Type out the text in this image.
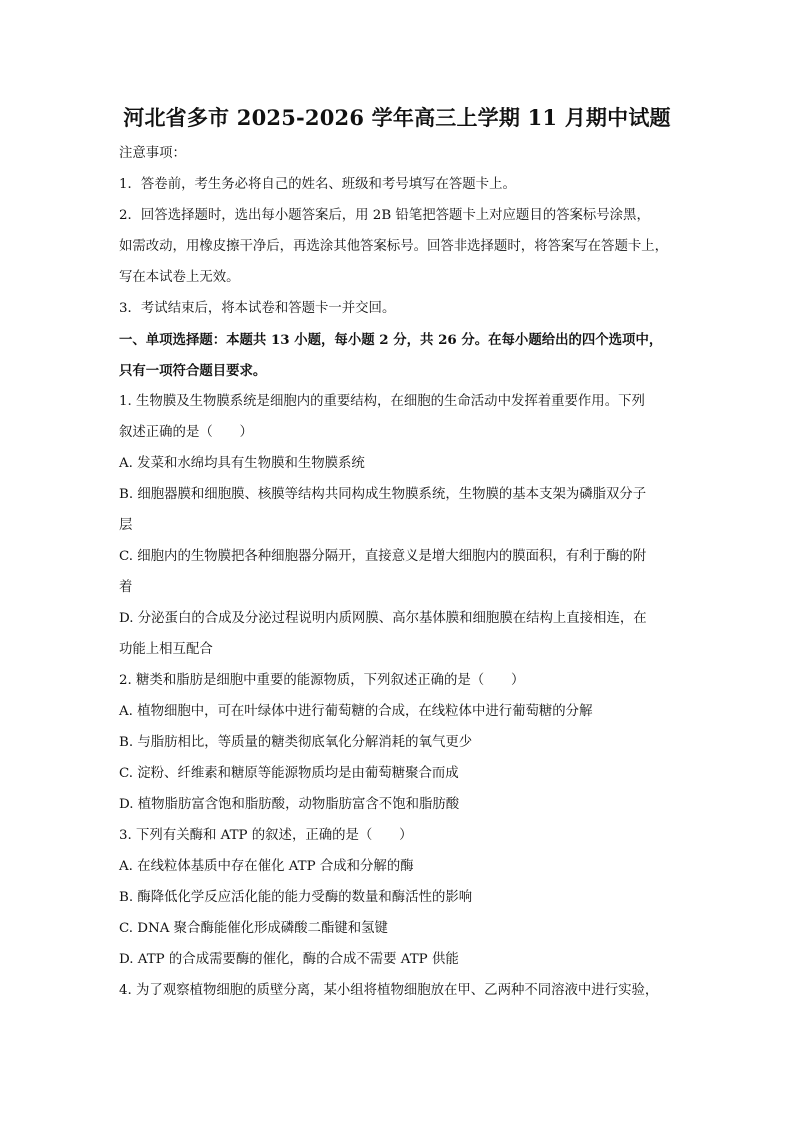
河北省多市 2025-2026 学年高三上学期 11 月期中试题
注意事项：
1．答卷前，考生务必将自己的姓名、班级和考号填写在答题卡上。
2．回答选择题时，选出每小题答案后，用 2B 铅笔把答题卡上对应题目的答案标号涂黑，
如需改动，用橡皮擦干净后，再选涂其他答案标号。回答非选择题时，将答案写在答题卡上，
写在本试卷上无效。
3．考试结束后，将本试卷和答题卡一并交回。
一、单项选择题：本题共 13 小题，每小题 2 分，共 26 分。在每小题给出的四个选项中，
只有一项符合题目要求。
1. 生物膜及生物膜系统是细胞内的重要结构，在细胞的生命活动中发挥着重要作用。下列
叙述正确的是（　　）
A. 发菜和水绵均具有生物膜和生物膜系统
B. 细胞器膜和细胞膜、核膜等结构共同构成生物膜系统，生物膜的基本支架为磷脂双分子
层
C. 细胞内的生物膜把各种细胞器分隔开，直接意义是增大细胞内的膜面积，有利于酶的附
着
D. 分泌蛋白的合成及分泌过程说明内质网膜、高尔基体膜和细胞膜在结构上直接相连，在
功能上相互配合
2. 糖类和脂肪是细胞中重要的能源物质，下列叙述正确的是（　　）
A. 植物细胞中，可在叶绿体中进行葡萄糖的合成，在线粒体中进行葡萄糖的分解
B. 与脂肪相比，等质量的糖类彻底氧化分解消耗的氧气更少
C. 淀粉、纤维素和糖原等能源物质均是由葡萄糖聚合而成
D. 植物脂肪富含饱和脂肪酸，动物脂肪富含不饱和脂肪酸
3. 下列有关酶和 ATP 的叙述，正确的是（　　）
A. 在线粒体基质中存在催化 ATP 合成和分解的酶
B. 酶降低化学反应活化能的能力受酶的数量和酶活性的影响
C. DNA 聚合酶能催化形成磷酸二酯键和氢键
D. ATP 的合成需要酶的催化，酶的合成不需要 ATP 供能
4. 为了观察植物细胞的质壁分离，某小组将植物细胞放在甲、乙两种不同溶液中进行实验，
